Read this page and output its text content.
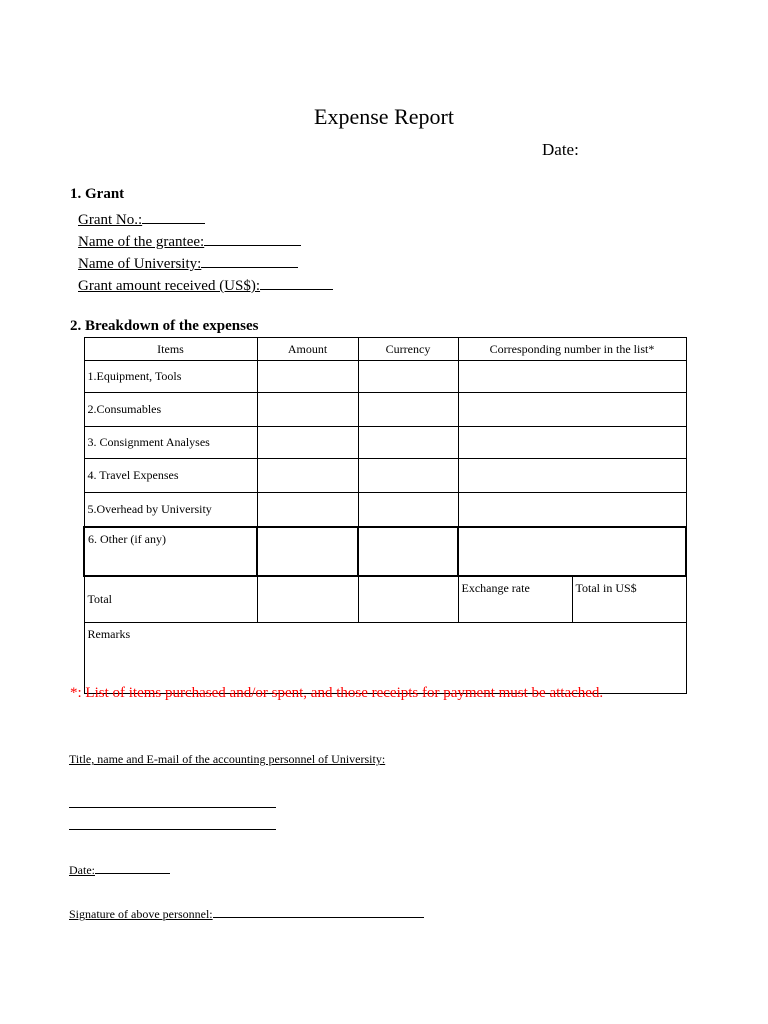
Expense Report
Date:
1. Grant
Grant No.:
Name of the grantee:
Name of University:
Grant amount received (US$):
2. Breakdown of the expenses
Items	Amount	Currency	Corresponding number in the list*
1.Equipment, Tools			
2.Consumables			
3. Consignment Analyses			
4. Travel Expenses			
5.Overhead by University			
6. Other (if any)			
Total			Exchange rate Total in US$

Remarks			
*: List of items purchased and/or spent, and those receipts for payment must be attached.
Title, name and E-mail of the accounting personnel of University:
Date:
Signature of above personnel:
